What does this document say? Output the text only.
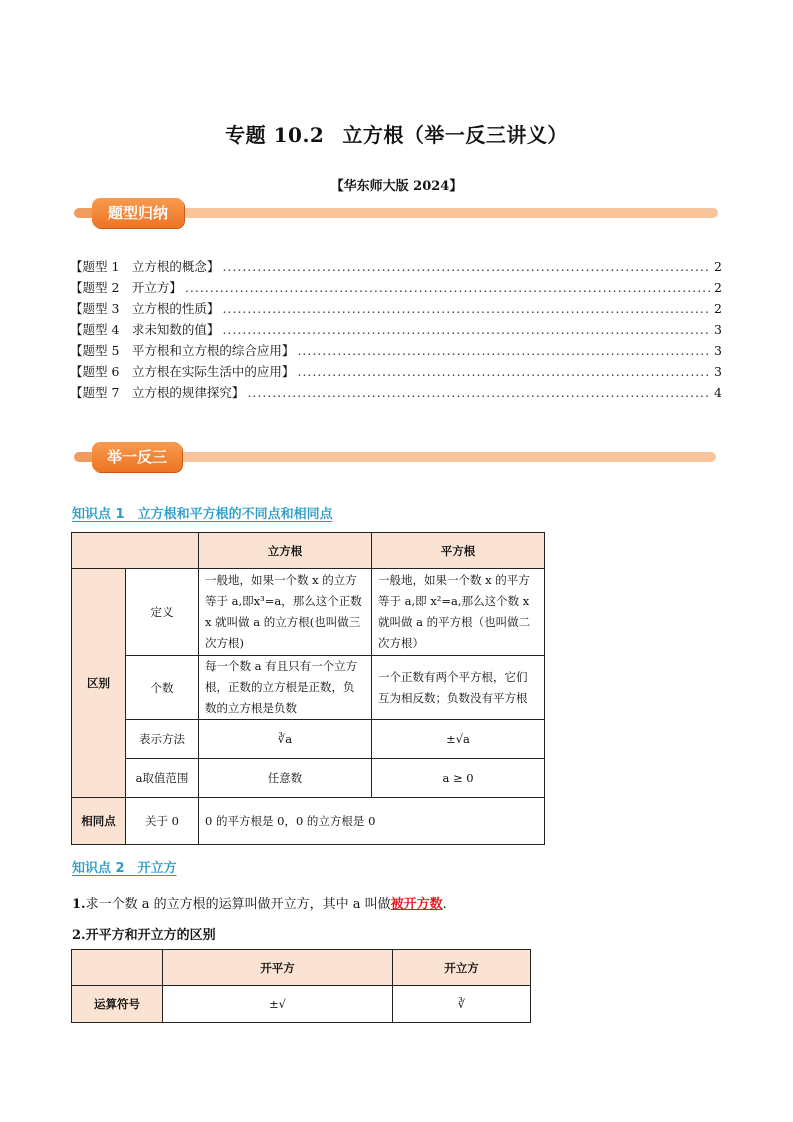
专题 10.2 立方根（举一反三讲义）
【华东师大版 2024】
题型归纳
【题型 1　立方根的概念】 .....	2
【题型 2　开立方】 .....	2
【题型 3　立方根的性质】 .....	2
【题型 4　求未知数的值】 .....	3
【题型 5　平方根和立方根的综合应用】 .....	3
【题型 6　立方根在实际生活中的应用】 .....	3
【题型 7　立方根的规律探究】 .....	4
举一反三
知识点 1　立方根和平方根的不同点和相同点
		立方根	平方根
区别	定义	一般地，如果一个数 x 的立方等于 a,即x³=a，那么这个正数 x 就叫做 a 的立方根(也叫做三次方根)	一般地，如果一个数 x 的平方等于 a,即 x²=a,那么这个数 x 就叫做 a 的平方根（也叫做二次方根）
	个数	每一个数 a 有且只有一个立方根，正数的立方根是正数，负数的立方根是负数	一个正数有两个平方根，它们互为相反数；负数没有平方根
	表示方法	∛a	±√a
	a取值范围	任意数	a ≥ 0
相同点	关于 0	0 的平方根是 0，0 的立方根是 0	
知识点 2　开立方
1.求一个数 a 的立方根的运算叫做开立方，其中 a 叫做被开方数.
2.开平方和开立方的区别
	开平方	开立方
运算符号	±√	∛
